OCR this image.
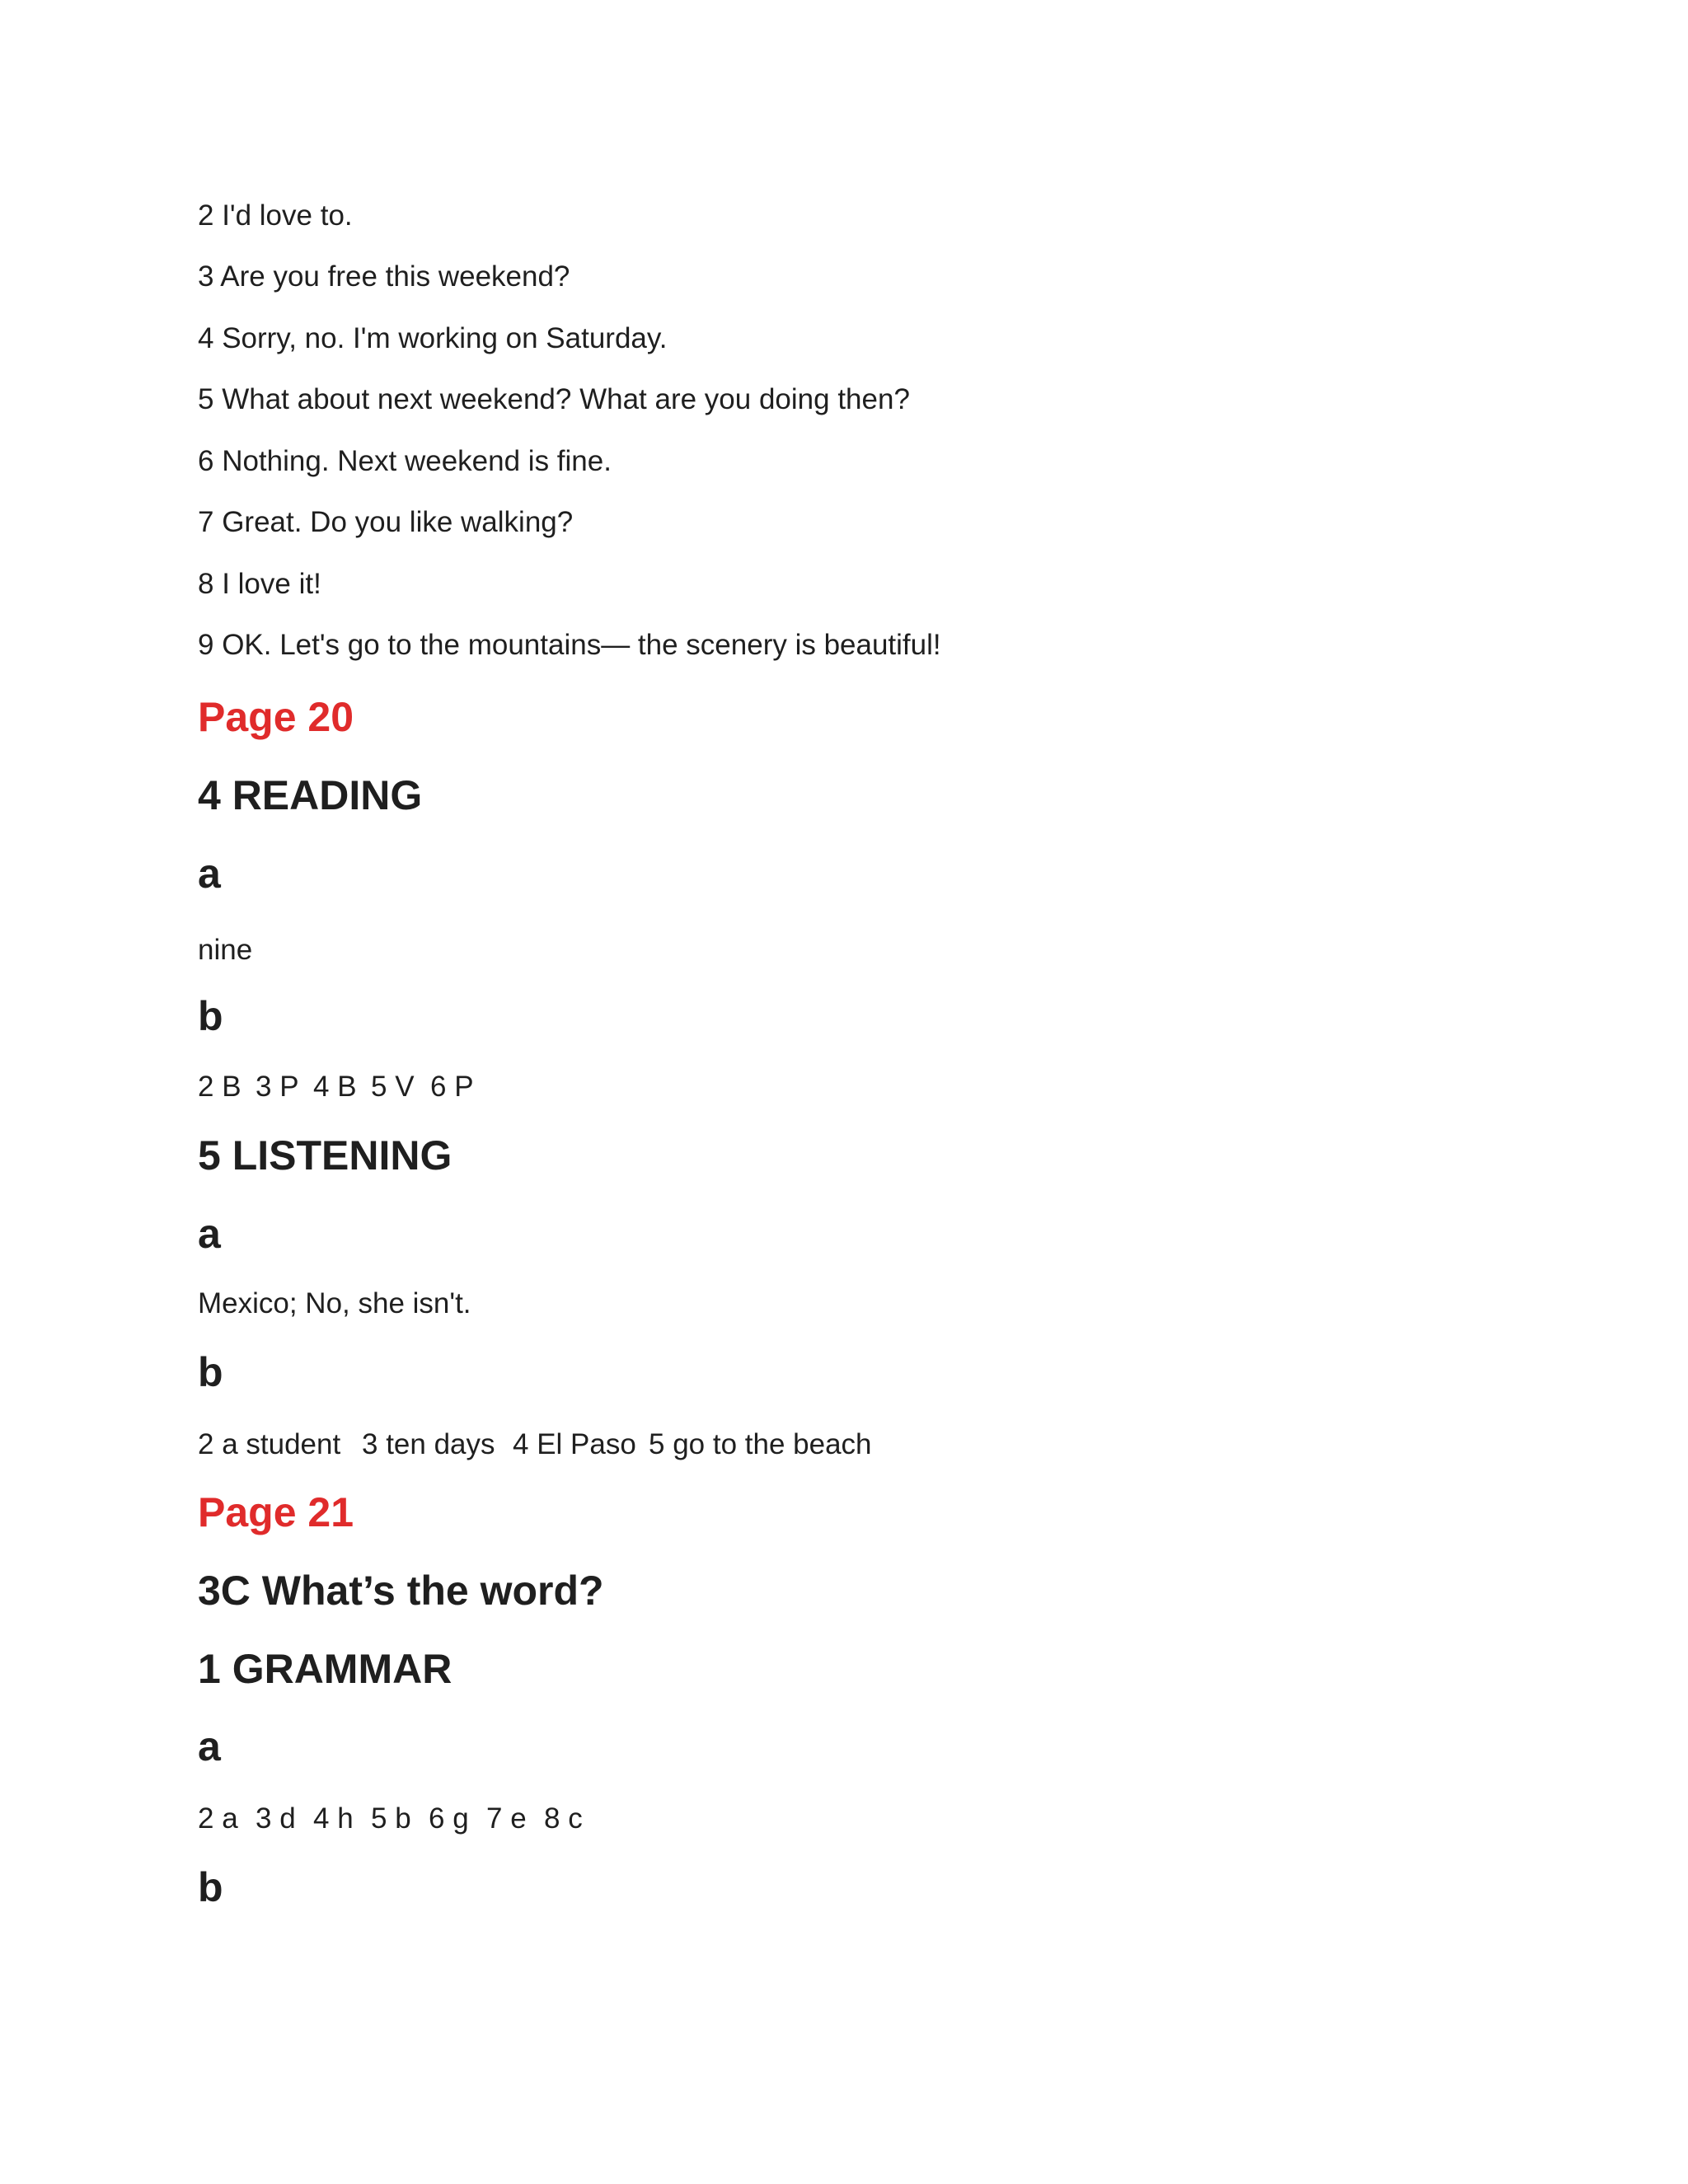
2 I'd love to.
3 Are you free this weekend?
4 Sorry, no. I'm working on Saturday.
5 What about next weekend? What are you doing then?
6 Nothing. Next weekend is fine.
7 Great. Do you like walking?
8 I love it!
9 OK. Let's go to the mountains— the scenery is beautiful!
Page 20
4 READING
a
nine
b
2 B 3 P 4 B 5 V 6 P
5 LISTENING
a
Mexico; No, she isn't.
b
2 a student 3 ten days 4 El Paso 5 go to the beach
Page 21
3C What’s the word?
1 GRAMMAR
a
2 a 3 d 4 h 5 b 6 g 7 e 8 c
b
